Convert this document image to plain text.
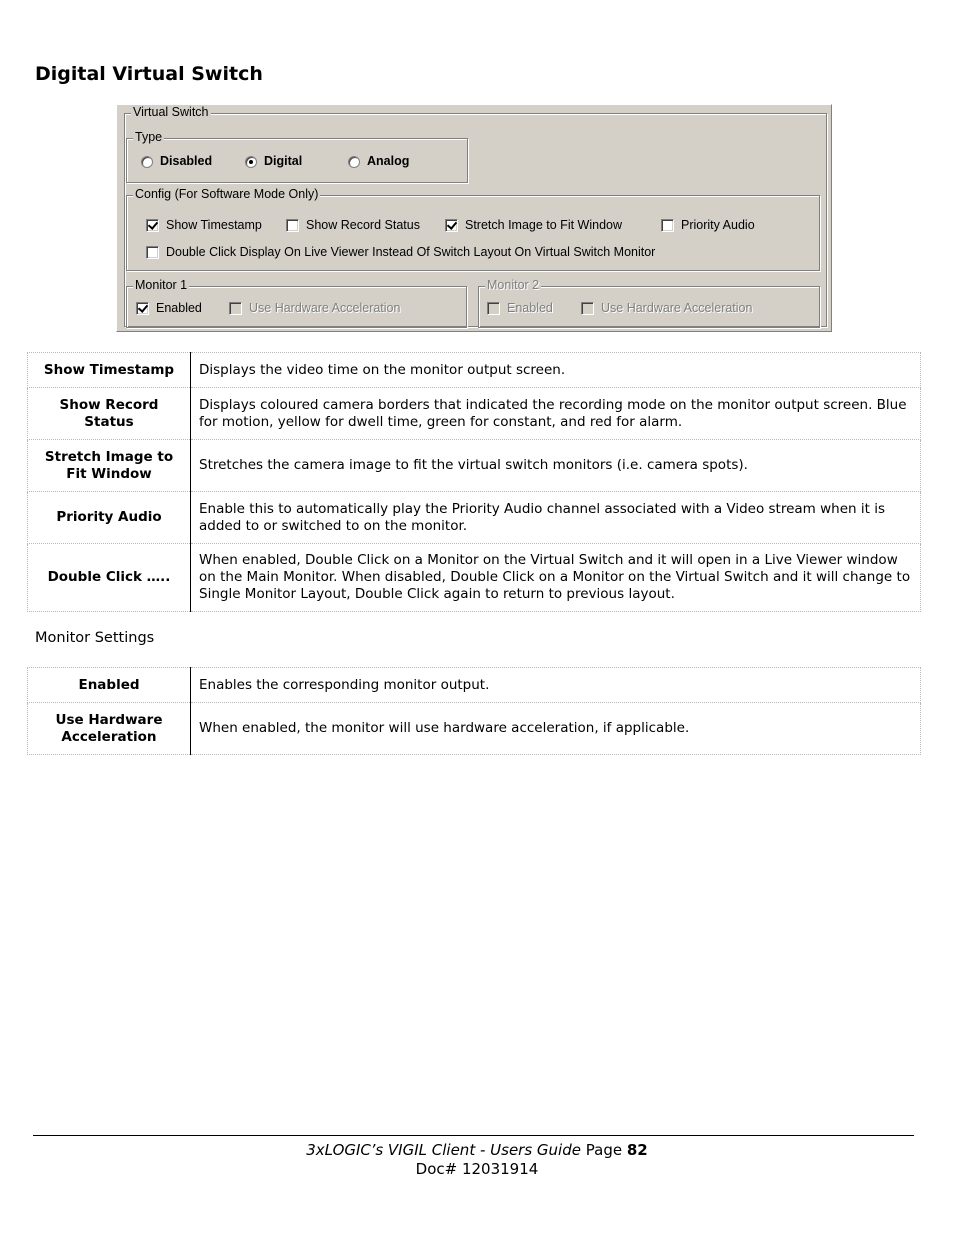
Digital Virtual Switch
Virtual Switch
Type
Disabled	Digital	Analog
Config (For Software Mode Only)
Show Timestamp	Show Record Status	Stretch Image to Fit Window	Priority Audio
Double Click Display On Live Viewer Instead Of Switch Layout On Virtual Switch Monitor
Monitor 1
Enabled	Use Hardware Acceleration
Monitor 2
Enabled	Use Hardware Acceleration
Show Timestamp	Displays the video time on the monitor output screen.
Show Record Status	Displays coloured camera borders that indicated the recording mode on the monitor output screen. Blue for motion, yellow for dwell time, green for constant, and red for alarm.
Stretch Image to Fit Window	Stretches the camera image to fit the virtual switch monitors (i.e. camera spots).
Priority Audio	Enable this to automatically play the Priority Audio channel associated with a Video stream when it is added to or switched to on the monitor.
Double Click …..	When enabled, Double Click on a Monitor on the Virtual Switch and it will open in a Live Viewer window on the Main Monitor. When disabled, Double Click on a Monitor on the Virtual Switch and it will change to Single Monitor Layout, Double Click again to return to previous layout.
Monitor Settings
Enabled	Enables the corresponding monitor output.
Use Hardware Acceleration	When enabled, the monitor will use hardware acceleration, if applicable.
3xLOGIC’s VIGIL Client - Users Guide Page 82
Doc# 12031914
